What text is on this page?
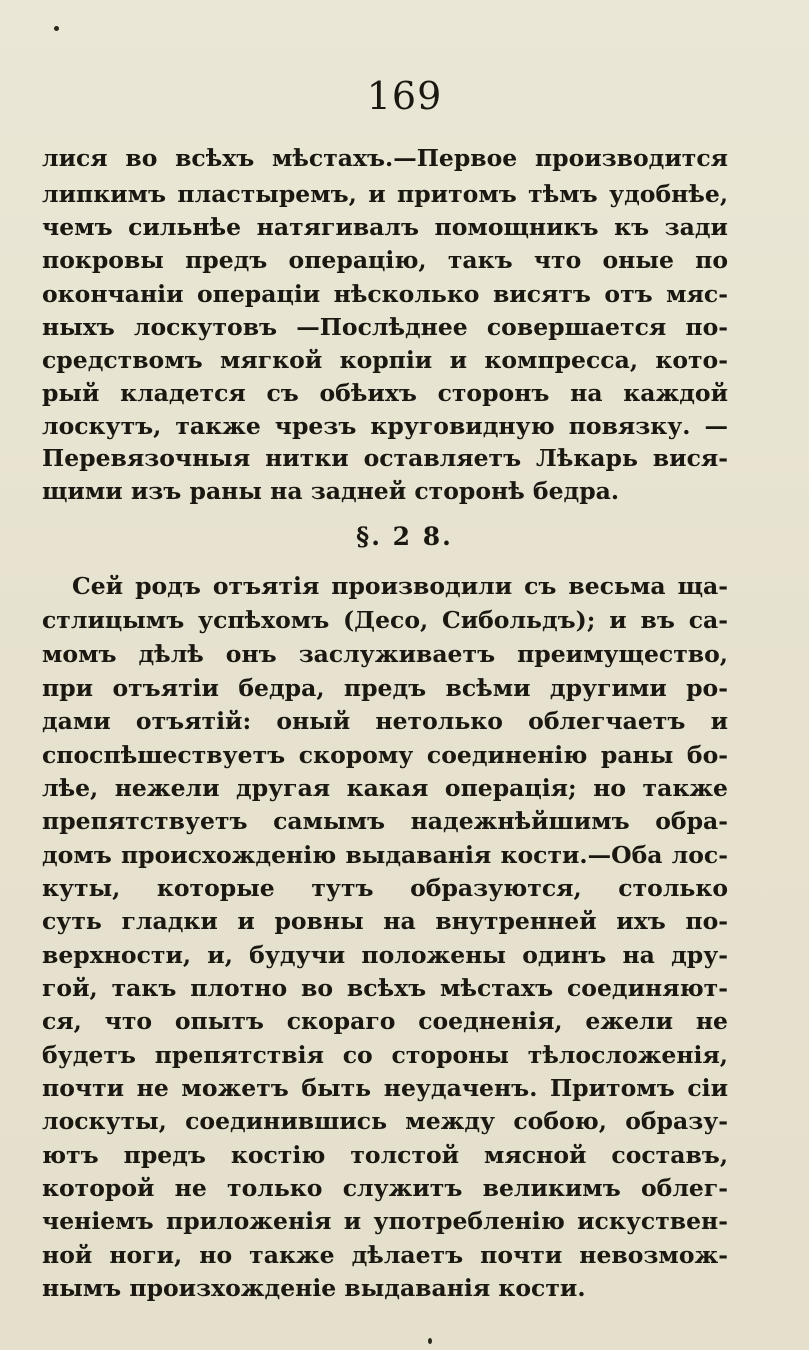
169
лися во всѣхъ мѣстахъ.—Первое производится
липкимъ пластыремъ, и притомъ тѣмъ удобнѣе,
чемъ сильнѣе натягивалъ помощникъ къ зади
покровы предъ операцію, такъ что оные по
окончаніи операціи нѣсколько висятъ отъ мяс-
ныхъ лоскутовъ —Послѣднее совершается по-
средствомъ мягкой корпіи и компресса, кото-
рый кладется съ обѣихъ сторонъ на каждой
лоскутъ, также чрезъ круговидную повязку. —
Перевязочныя нитки оставляетъ Лѣкарь вися-
щими изъ раны на задней сторонѣ бедра.
§. 2 8.
Сей родъ отъятія производили съ весьма ща-
стлицымъ успѣхомъ (Десо, Сибольдъ); и въ са-
момъ дѣлѣ онъ заслуживаетъ преимущество,
при отъятіи бедра, предъ всѣми другими ро-
дами отъятій: оный нетолько облегчаетъ и
споспѣшествуетъ скорому соединенію раны бо-
лѣе, нежели другая какая операція; но также
препятствуетъ самымъ надежнѣйшимъ обра-
домъ происхожденію выдаванія кости.—Оба лос-
куты, которые тутъ образуются, столько
суть гладки и ровны на внутренней ихъ по-
верхности, и, будучи положены одинъ на дру-
гой, такъ плотно во всѣхъ мѣстахъ соединяют-
ся, что опытъ скораго соедненія, ежели не
будетъ препятствія со стороны тѣлосложенія,
почти не можетъ быть неудаченъ. Притомъ сіи
лоскуты, соединившись между собою, образу-
ютъ предъ костію толстой мясной составъ,
которой не только служитъ великимъ облег-
ченіемъ приложенія и употребленію искуствен-
ной ноги, но также дѣлаетъ почти невозмож-
нымъ произхожденіе выдаванія кости.
